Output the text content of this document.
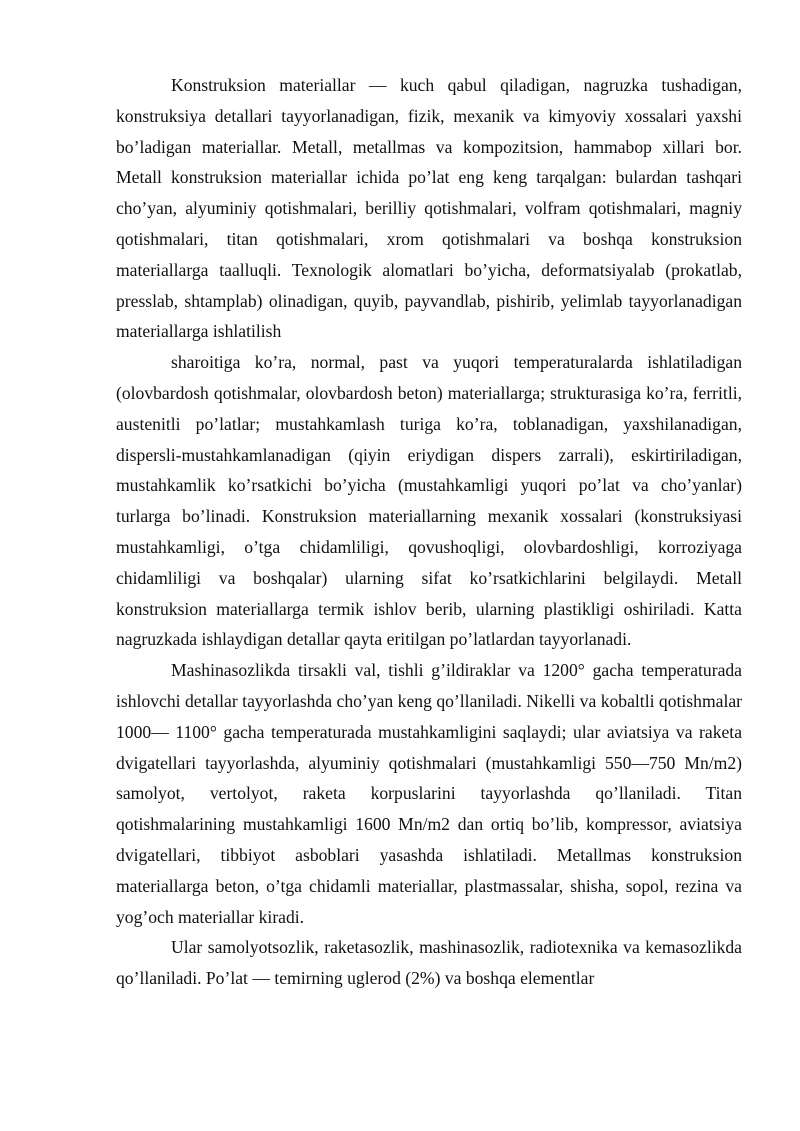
Konstruksion materiallar — kuch qabul qiladigan, nagruzka tushadigan, konstruksiya detallari tayyorlanadigan, fizik, mexanik va kimyoviy xossalari yaxshi bo’ladigan materiallar. Metall, metallmas va kompozitsion, hammabop xillari bor. Metall konstruksion materiallar ichida po’lat eng keng tarqalgan: bulardan tashqari cho’yan, alyuminiy qotishmalari, berilliy qotishmalari, volfram qotishmalari, magniy qotishmalari, titan qotishmalari, xrom qotishmalari va boshqa konstruksion materiallarga taalluqli. Texnologik alomatlari bo’yicha, deformatsiyalab (prokatlab, presslab, shtamplab) olinadigan, quyib, payvandlab, pishirib, yelimlab tayyorlanadigan materiallarga ishlatilish

sharoitiga ko’ra, normal, past va yuqori temperaturalarda ishlatiladigan (olovbardosh qotishmalar, olovbardosh beton) materiallarga; strukturasiga ko’ra, ferritli, austenitli po’latlar; mustahkamlash turiga ko’ra, toblanadigan, yaxshilanadigan, dispersli-mustahkamlanadigan (qiyin eriydigan dispers zarrali), eskirtiriladigan, mustahkamlik ko’rsatkichi bo’yicha (mustahkamligi yuqori po’lat va cho’yanlar) turlarga bo’linadi. Konstruksion materiallarning mexanik xossalari (konstruksiyasi mustahkamligi, o’tga chidamliligi, qovushoqligi, olovbardoshligi, korroziyaga chidamliligi va boshqalar) ularning sifat ko’rsatkichlarini belgilaydi. Metall konstruksion materiallarga termik ishlov berib, ularning plastikligi oshiriladi. Katta nagruzkada ishlaydigan detallar qayta eritilgan po’latlardan tayyorlanadi.

Mashinasozlikda tirsakli val, tishli g’ildiraklar va 1200° gacha temperaturada ishlovchi detallar tayyorlashda cho’yan keng qo’llaniladi. Nikelli va kobaltli qotishmalar 1000— 1100° gacha temperaturada mustahkamligini saqlaydi; ular aviatsiya va raketa dvigatellari tayyorlashda, alyuminiy qotishmalari (mustahkamligi 550—750 Mn/m2) samolyot, vertolyot, raketa korpuslarini tayyorlashda qo’llaniladi. Titan qotishmalarining mustahkamligi 1600 Mn/m2 dan ortiq bo’lib, kompressor, aviatsiya dvigatellari, tibbiyot asboblari yasashda ishlatiladi. Metallmas konstruksion materiallarga beton, o’tga chidamli materiallar, plastmassalar, shisha, sopol, rezina va yog’och materiallar kiradi.

Ular samolyotsozlik, raketasozlik, mashinasozlik, radiotexnika va kemasozlikda qo’llaniladi. Po’lat — temirning uglerod (2%) va boshqa elementlar
